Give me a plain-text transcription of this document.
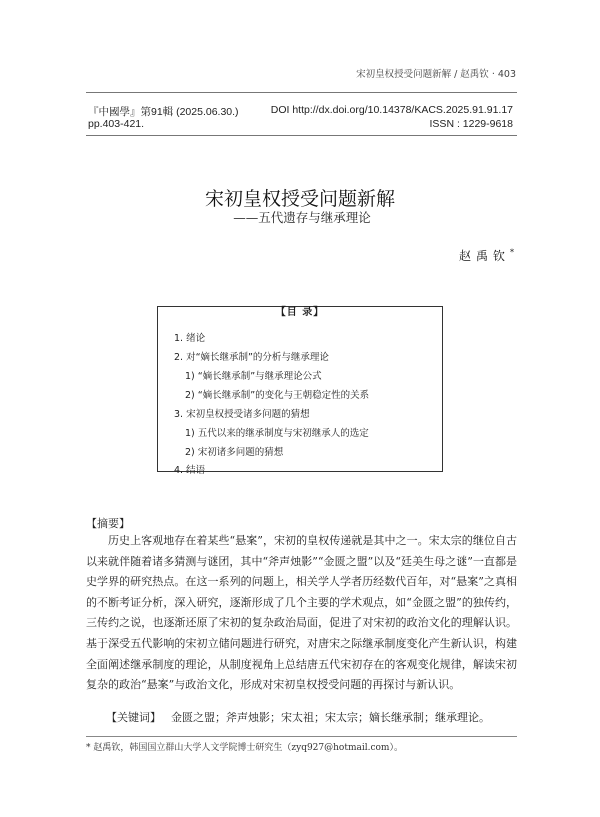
宋初皇权授受问题新解 / 赵禹钦 · 403
『中國學』第91輯 (2025.06.30.)	DOI http://dx.doi.org/10.14378/KACS.2025.91.91.17
pp.403-421.	ISSN : 1229-9618
宋初皇权授受问题新解
——五代遗存与继承理论
赵禹钦*
【目 录】
1. 绪论
2. 对“嫡长继承制”的分析与继承理论
1) “嫡长继承制”与继承理论公式
2) “嫡长继承制”的变化与王朝稳定性的关系
3. 宋初皇权授受诸多问题的猜想
1) 五代以来的继承制度与宋初继承人的选定
2) 宋初诸多问题的猜想
4. 结语
【摘要】
历史上客观地存在着某些“悬案”，宋初的皇权传递就是其中之一。宋太宗的继位自古以来就伴随着诸多猜测与谜团，其中“斧声烛影”“金匮之盟”以及“廷美生母之谜”一直都是史学界的研究热点。在这一系列的问题上，相关学人学者历经数代百年，对“悬案”之真相的不断考证分析，深入研究，逐渐形成了几个主要的学术观点，如“金匮之盟”的独传约，三传约之说，也逐渐还原了宋初的复杂政治局面，促进了对宋初的政治文化的理解认识。基于深受五代影响的宋初立储问题进行研究，对唐宋之际继承制度变化产生新认识，构建全面阐述继承制度的理论，从制度视角上总结唐五代宋初存在的客观变化规律，解读宋初复杂的政治“悬案”与政治文化，形成对宋初皇权授受问题的再探讨与新认识。
【关键词】 金匮之盟；斧声烛影；宋太祖；宋太宗；嫡长继承制；继承理论。
* 赵禹钦，韩国国立群山大学人文学院博士研究生（zyq927@hotmail.com）。
